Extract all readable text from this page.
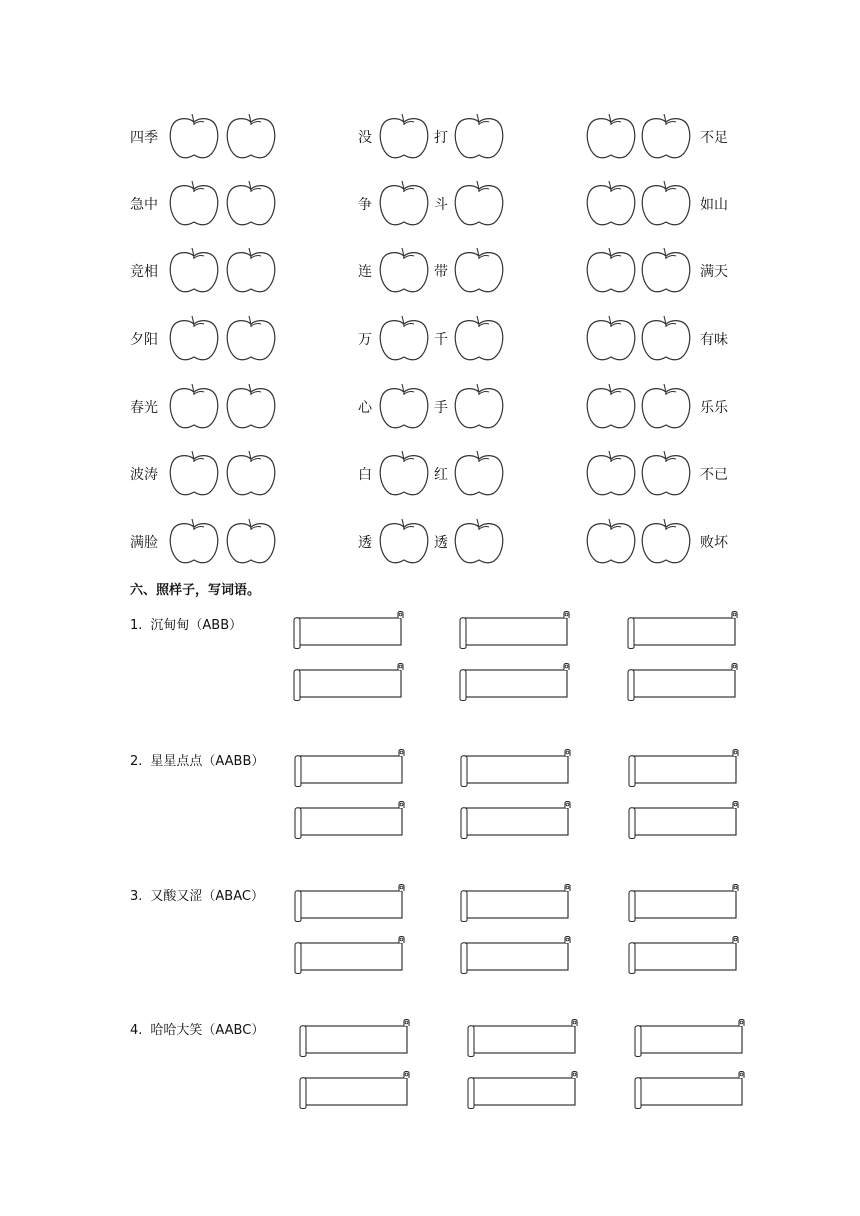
四季	没	打	不足
急中	争	斗	如山
竞相	连	带	满天
夕阳	万	千	有味
春光	心	手	乐乐
波涛	白	红	不已
满脸	透	透	败坏
六、照样子，写词语。
1. 沉甸甸（ABB）
2. 星星点点（AABB）
3. 又酸又涩（ABAC）
4. 哈哈大笑（AABC）
